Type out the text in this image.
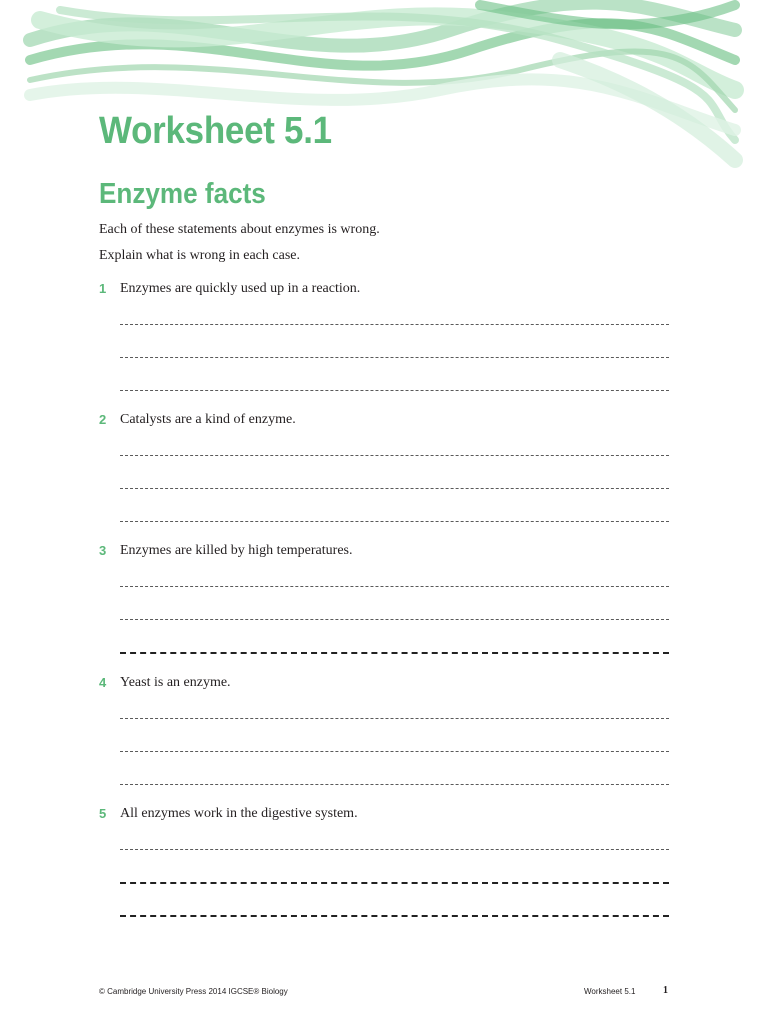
Worksheet 5.1
Enzyme facts
Each of these statements about enzymes is wrong.
Explain what is wrong in each case.
1 Enzymes are quickly used up in a reaction.
2 Catalysts are a kind of enzyme.
3 Enzymes are killed by high temperatures.
4 Yeast is an enzyme.
5 All enzymes work in the digestive system.
© Cambridge University Press 2014 IGCSE® Biology	Worksheet 5.1	1
